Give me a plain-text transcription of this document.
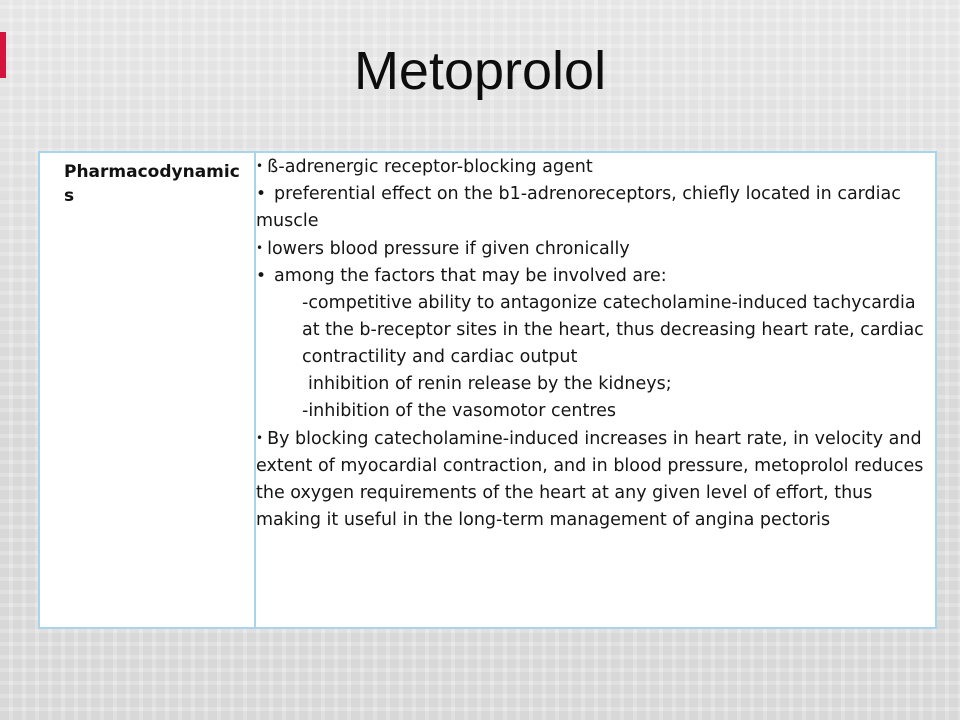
Metoprolol
Pharmacodynamics

• ß-adrenergic receptor-blocking agent
• preferential effect on the b1-adrenoreceptors, chiefly located in cardiac muscle
• lowers blood pressure if given chronically
• among the factors that may be involved are:
-competitive ability to antagonize catecholamine-induced tachycardia at the b-receptor sites in the heart, thus decreasing heart rate, cardiac contractility and cardiac output
inhibition of renin release by the kidneys;
-inhibition of the vasomotor centres
• By blocking catecholamine-induced increases in heart rate, in velocity and extent of myocardial contraction, and in blood pressure, metoprolol reduces the oxygen requirements of the heart at any given level of effort, thus making it useful in the long-term management of angina pectoris
